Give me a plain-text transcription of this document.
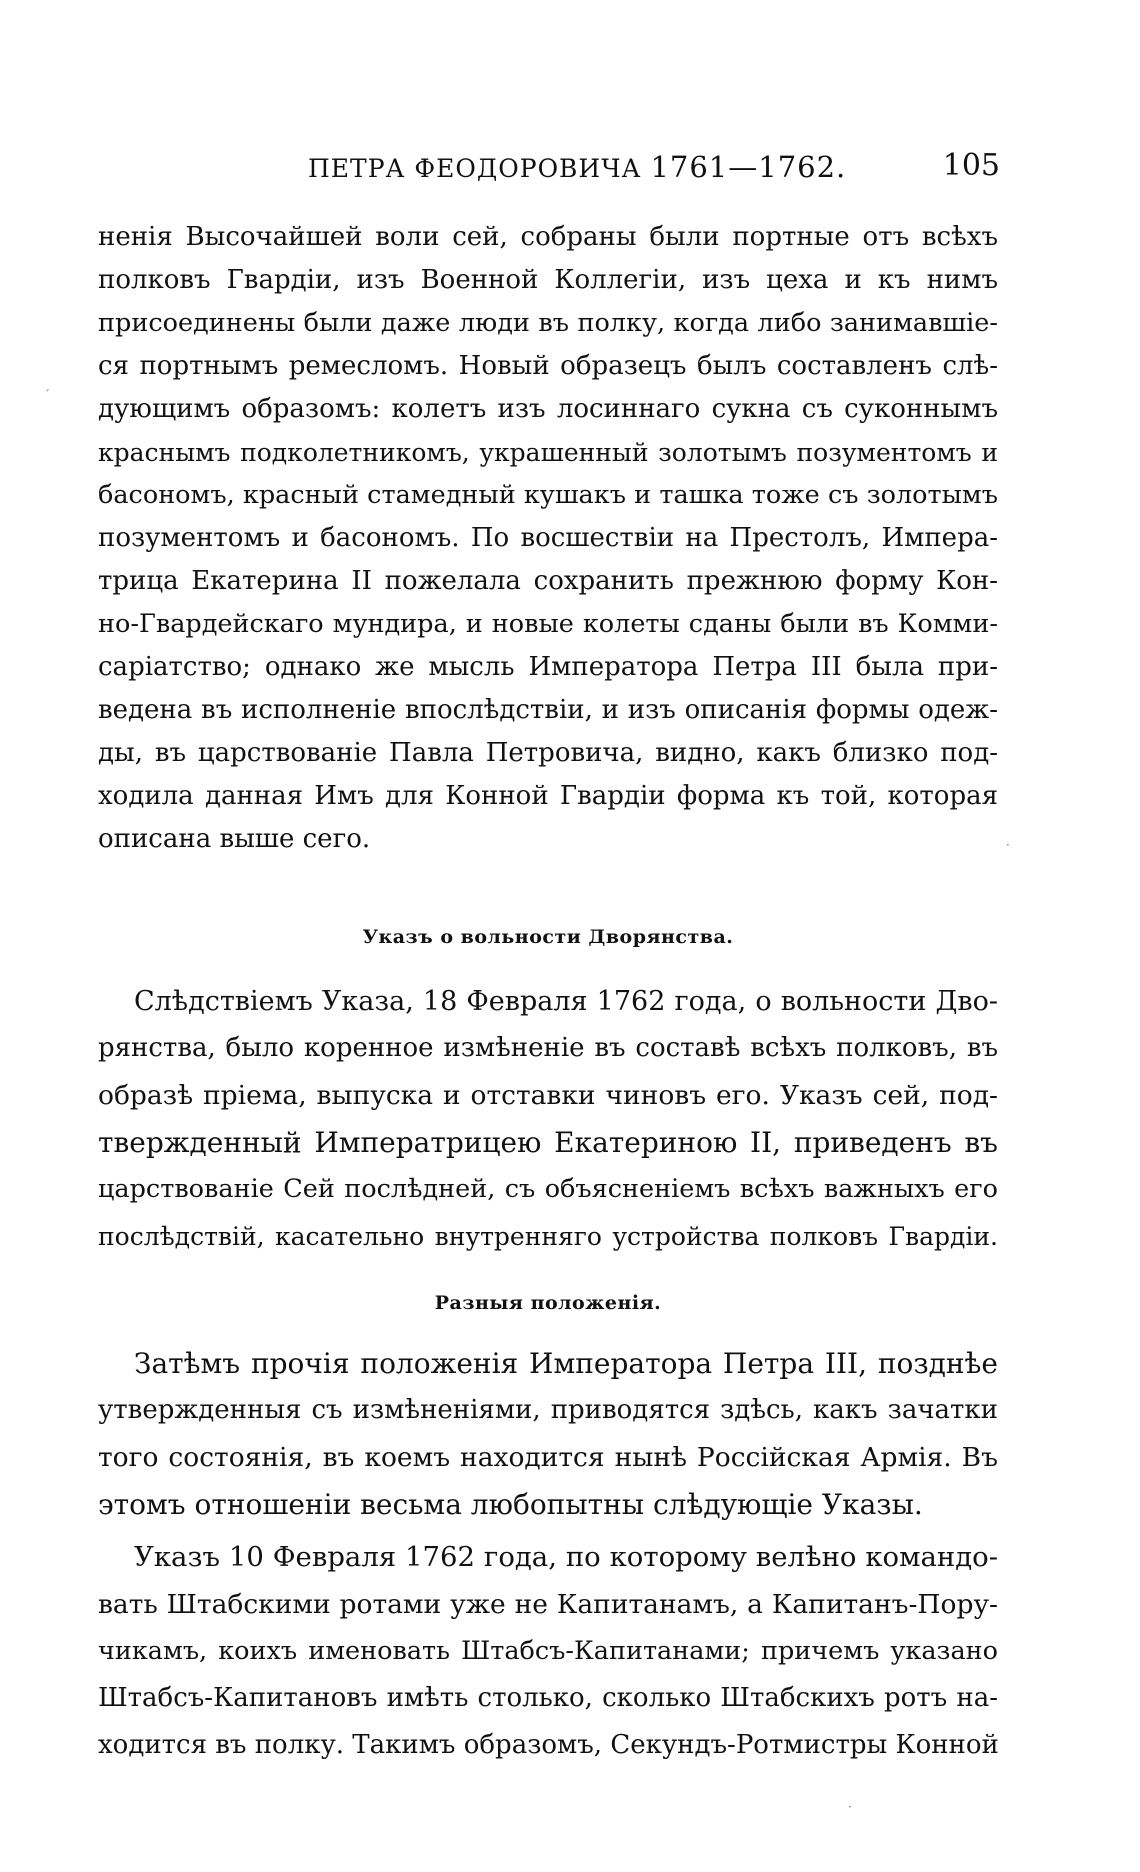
ПЕТРА ФЕОДОРОВИЧА 1761—1762.	105

ненія Высочайшей воли сей, собраны были портные отъ всѣхъ

полковъ Гвардіи, изъ Военной Коллегіи, изъ цеха и къ нимъ

присоединены были даже люди въ полку, когда либо занимавшіе-

ся портнымъ ремесломъ. Новый образецъ былъ составленъ слѣ-

дующимъ образомъ: колетъ изъ лосиннаго сукна съ суконнымъ

краснымъ подколетникомъ, украшенный золотымъ позументомъ и

басономъ, красный стамедный кушакъ и ташка тоже съ золотымъ

позументомъ и басономъ. По восшествіи на Престолъ, Импера-

трица Екатерина II пожелала сохранить прежнюю форму Кон-

но-Гвардейскаго мундира, и новые колеты сданы были въ Комми-

саріатство; однако же мысль Императора Петра III была при-

ведена въ исполненіе впослѣдствіи, и изъ описанія формы одеж-

ды, въ царствованіе Павла Петровича, видно, какъ близко под-

ходила данная Имъ для Конной Гвардіи форма къ той, которая

описана выше сего.

Указъ о вольности Дворянства.

Слѣдствіемъ Указа, 18 Февраля 1762 года, о вольности Дво-

рянства, было коренное измѣненіе въ составѣ всѣхъ полковъ, въ

образѣ пріема, выпуска и отставки чиновъ его. Указъ сей, под-

твержденный Императрицею Екатериною II, приведенъ въ

царствованіе Сей послѣдней, съ объясненіемъ всѣхъ важныхъ его

послѣдствій, касательно внутренняго устройства полковъ Гвардіи.

Разныя положенія.

Затѣмъ прочія положенія Императора Петра III, позднѣе

утвержденныя съ измѣненіями, приводятся здѣсь, какъ зачатки

того состоянія, въ коемъ находится нынѣ Россійская Армія. Въ

этомъ отношеніи весьма любопытны слѣдующіе Указы.

Указъ 10 Февраля 1762 года, по которому велѣно командо-

вать Штабскими ротами уже не Капитанамъ, а Капитанъ-Пору-

чикамъ, коихъ именовать Штабсъ-Капитанами; причемъ указано

Штабсъ-Капитановъ имѣть столько, сколько Штабскихъ ротъ на-

ходится въ полку. Такимъ образомъ, Секундъ-Ротмистры Конной

´
·
·
